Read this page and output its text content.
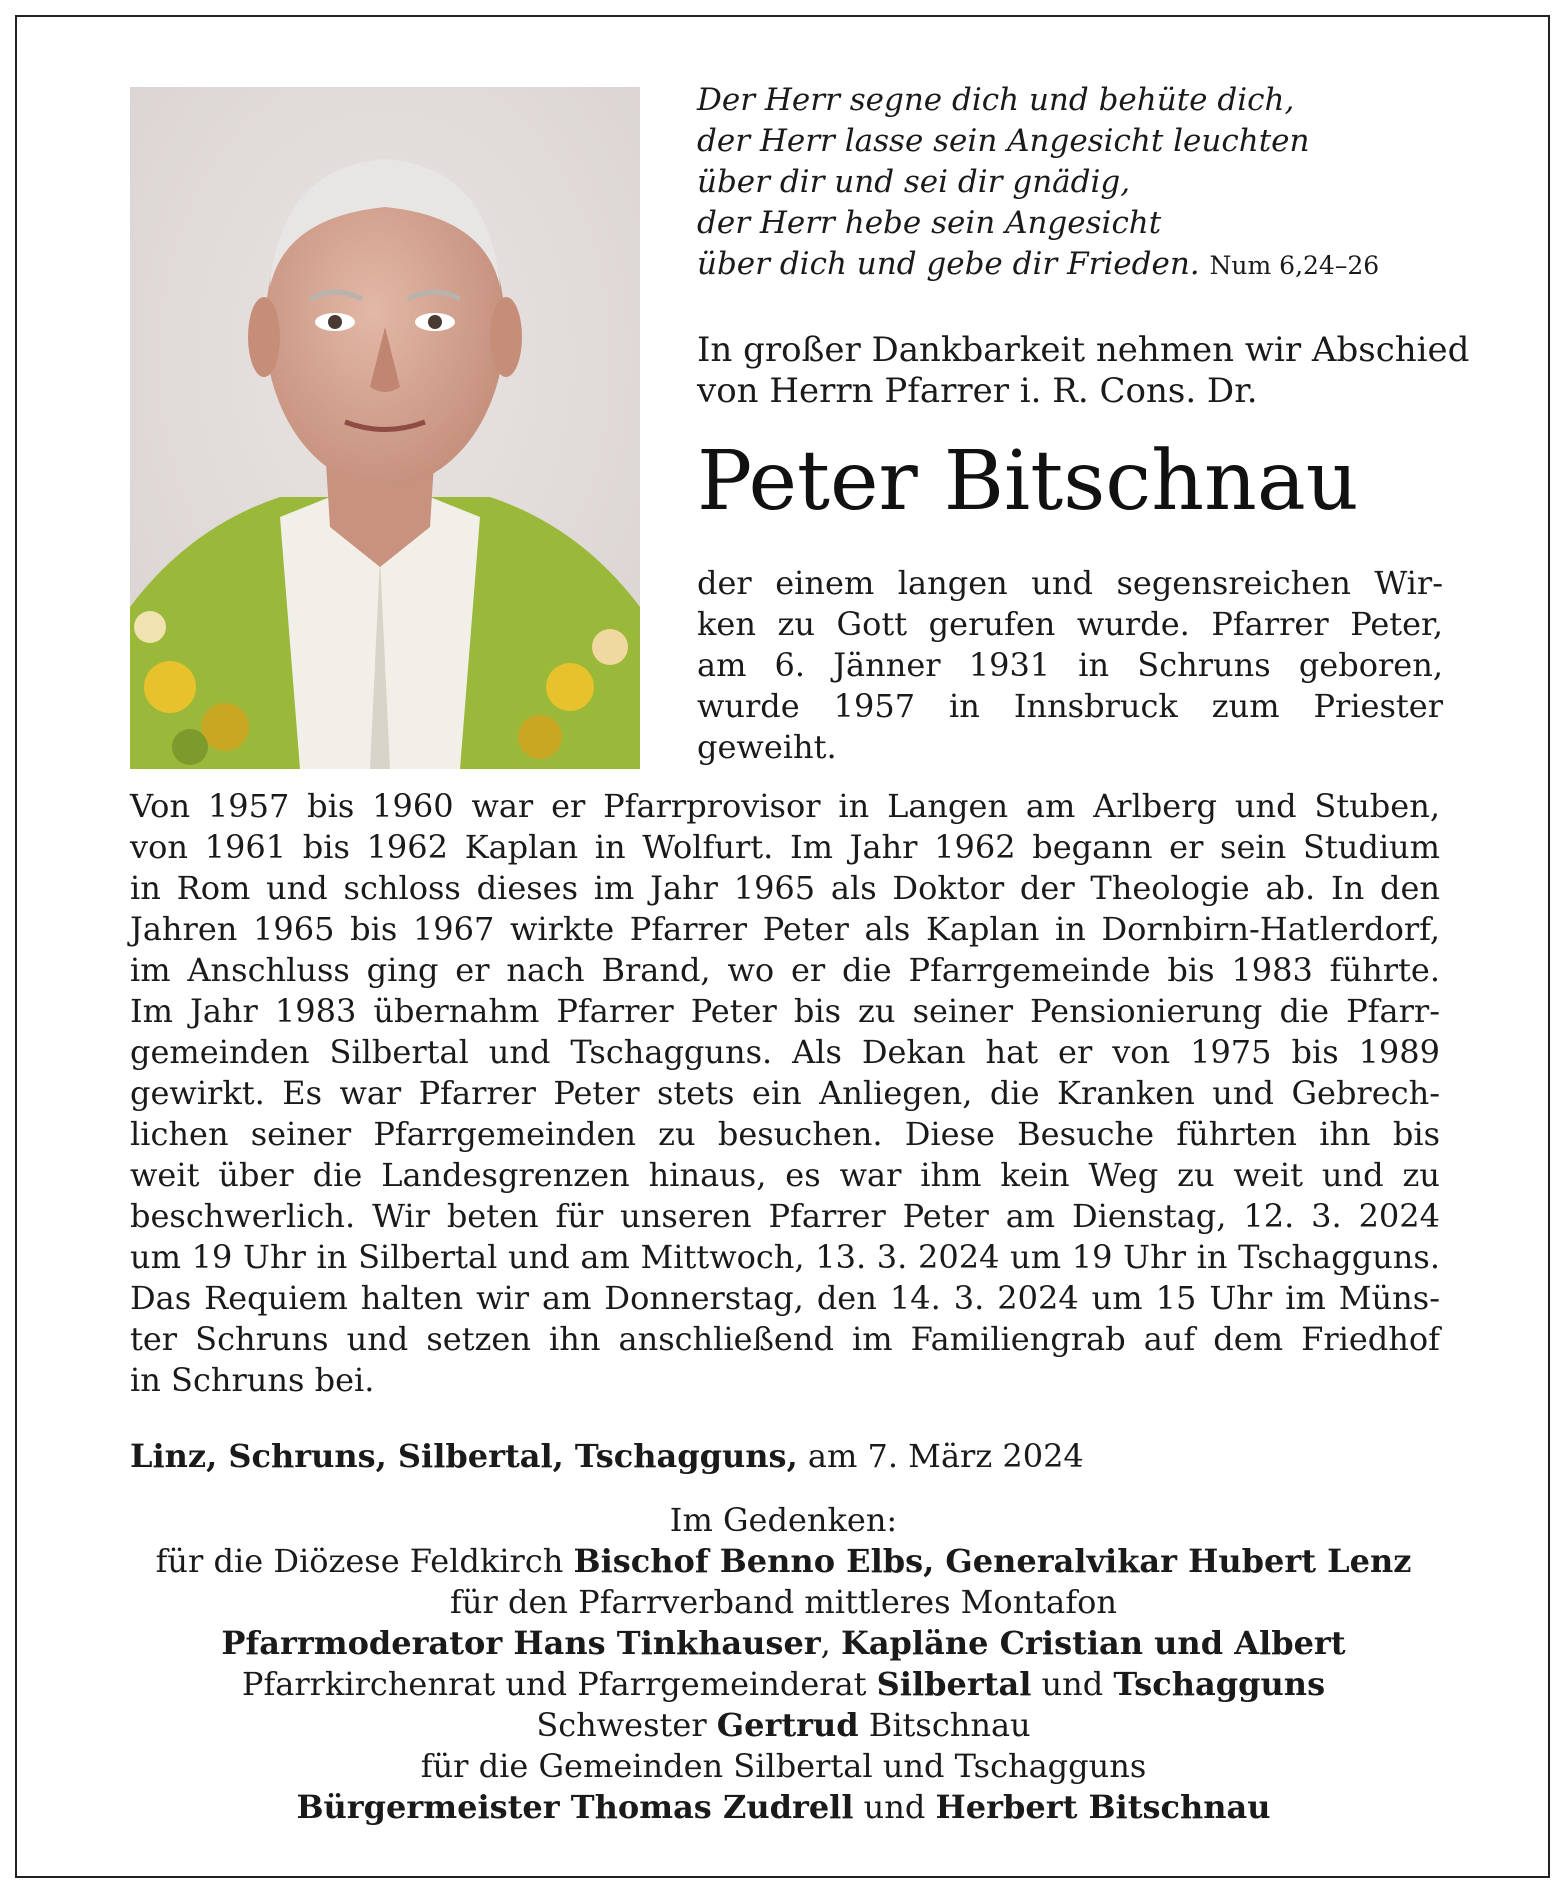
Der Herr segne dich und behüte dich,
der Herr lasse sein Angesicht leuchten
über dir und sei dir gnädig,
der Herr hebe sein Angesicht
über dich und gebe dir Frieden. Num 6,24–26
In großer Dankbarkeit nehmen wir Abschied
von Herrn Pfarrer i. R. Cons. Dr.
Peter Bitschnau
der einem langen und segensreichen Wir-
ken zu Gott gerufen wurde. Pfarrer Peter,
am 6. Jänner 1931 in Schruns geboren,
wurde 1957 in Innsbruck zum Priester
geweiht.
Von 1957 bis 1960 war er Pfarrprovisor in Langen am Arlberg und Stuben,
von 1961 bis 1962 Kaplan in Wolfurt. Im Jahr 1962 begann er sein Studium
in Rom und schloss dieses im Jahr 1965 als Doktor der Theologie ab. In den
Jahren 1965 bis 1967 wirkte Pfarrer Peter als Kaplan in Dornbirn-Hatlerdorf,
im Anschluss ging er nach Brand, wo er die Pfarrgemeinde bis 1983 führte.
Im Jahr 1983 übernahm Pfarrer Peter bis zu seiner Pensionierung die Pfarr-
gemeinden Silbertal und Tschagguns. Als Dekan hat er von 1975 bis 1989
gewirkt. Es war Pfarrer Peter stets ein Anliegen, die Kranken und Gebrech-
lichen seiner Pfarrgemeinden zu besuchen. Diese Besuche führten ihn bis
weit über die Landesgrenzen hinaus, es war ihm kein Weg zu weit und zu
beschwerlich. Wir beten für unseren Pfarrer Peter am Dienstag, 12. 3. 2024
um 19 Uhr in Silbertal und am Mittwoch, 13. 3. 2024 um 19 Uhr in Tschagguns.
Das Requiem halten wir am Donnerstag, den 14. 3. 2024 um 15 Uhr im Müns-
ter Schruns und setzen ihn anschließend im Familiengrab auf dem Friedhof
in Schruns bei.
Linz, Schruns, Silbertal, Tschagguns, am 7. März 2024
Im Gedenken:
für die Diözese Feldkirch Bischof Benno Elbs, Generalvikar Hubert Lenz
für den Pfarrverband mittleres Montafon
Pfarrmoderator Hans Tinkhauser, Kapläne Cristian und Albert
Pfarrkirchenrat und Pfarrgemeinderat Silbertal und Tschagguns
Schwester Gertrud Bitschnau
für die Gemeinden Silbertal und Tschagguns
Bürgermeister Thomas Zudrell und Herbert Bitschnau
